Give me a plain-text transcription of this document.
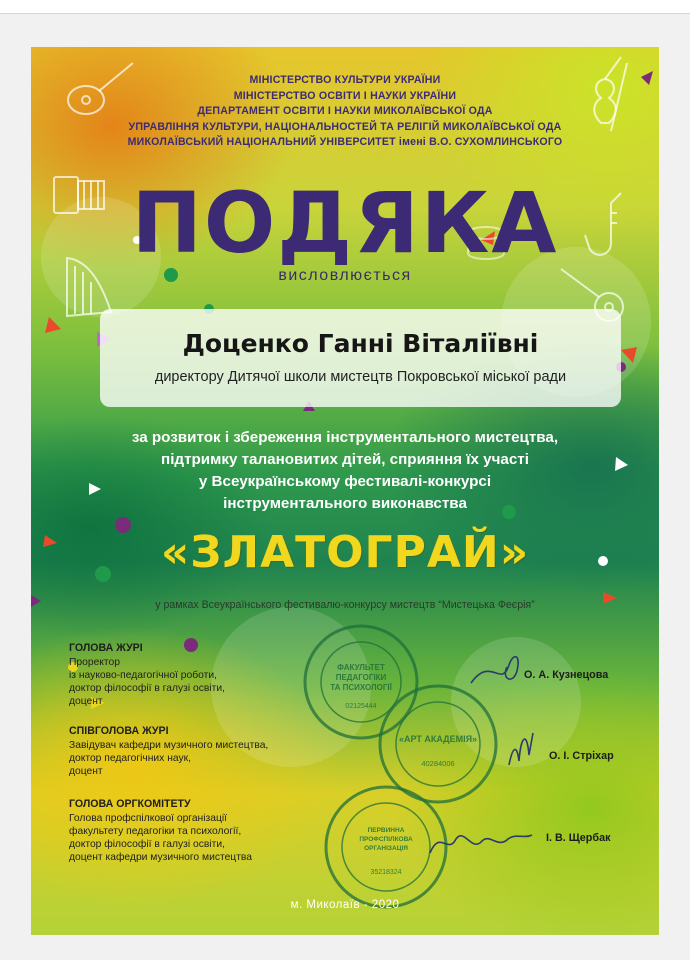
МІНІСТЕРСТВО КУЛЬТУРИ УКРАЇНИ
МІНІСТЕРСТВО ОСВІТИ І НАУКИ УКРАЇНИ
ДЕПАРТАМЕНТ ОСВІТИ І НАУКИ МИКОЛАЇВСЬКОЇ ОДА
УПРАВЛІННЯ КУЛЬТУРИ, НАЦІОНАЛЬНОСТЕЙ ТА РЕЛІГІЙ МИКОЛАЇВСЬКОЇ ОДА
МИКОЛАЇВСЬКИЙ НАЦІОНАЛЬНИЙ УНІВЕРСИТЕТ імені В.О. СУХОМЛИНСЬКОГО
ПОДЯКА
висловлюється
Доценко Ганні Віталіївні
директору Дитячої школи мистецтв Покровської міської ради
за розвиток і збереження інструментального мистецтва,
підтримку талановитих дітей, сприяння їх участі
у Всеукраїнському фестивалі-конкурсі
інструментального виконавства
«ЗЛАТОГРАЙ»
у рамках Всеукраїнського фестивалю-конкурсу мистецтв “Мистецька Феєрія”
ФАКУЛЬТЕТ
ПЕДАГОГІКИ
ТА ПСИХОЛОГІЇ
02125444
«АРТ АКАДЕМІЯ»
40284006
ПЕРВИННА
ПРОФСПІЛКОВА
ОРГАНІЗАЦІЯ
35218324
ГОЛОВА ЖУРІ
Проректор
із науково-педагогічної роботи,
доктор філософії в галузі освіти,
доцент
О. А. Кузнецова
СПІВГОЛОВА ЖУРІ
Завідувач кафедри музичного мистецтва,
доктор педагогічних наук,
доцент
О. І. Стріхар
ГОЛОВА ОРГКОМІТЕТУ
Голова профспілкової організації
факультету педагогіки та психології,
доктор філософії в галузі освіти,
доцент кафедри музичного мистецтва
І. В. Щербак
м. Миколаїв - 2020
